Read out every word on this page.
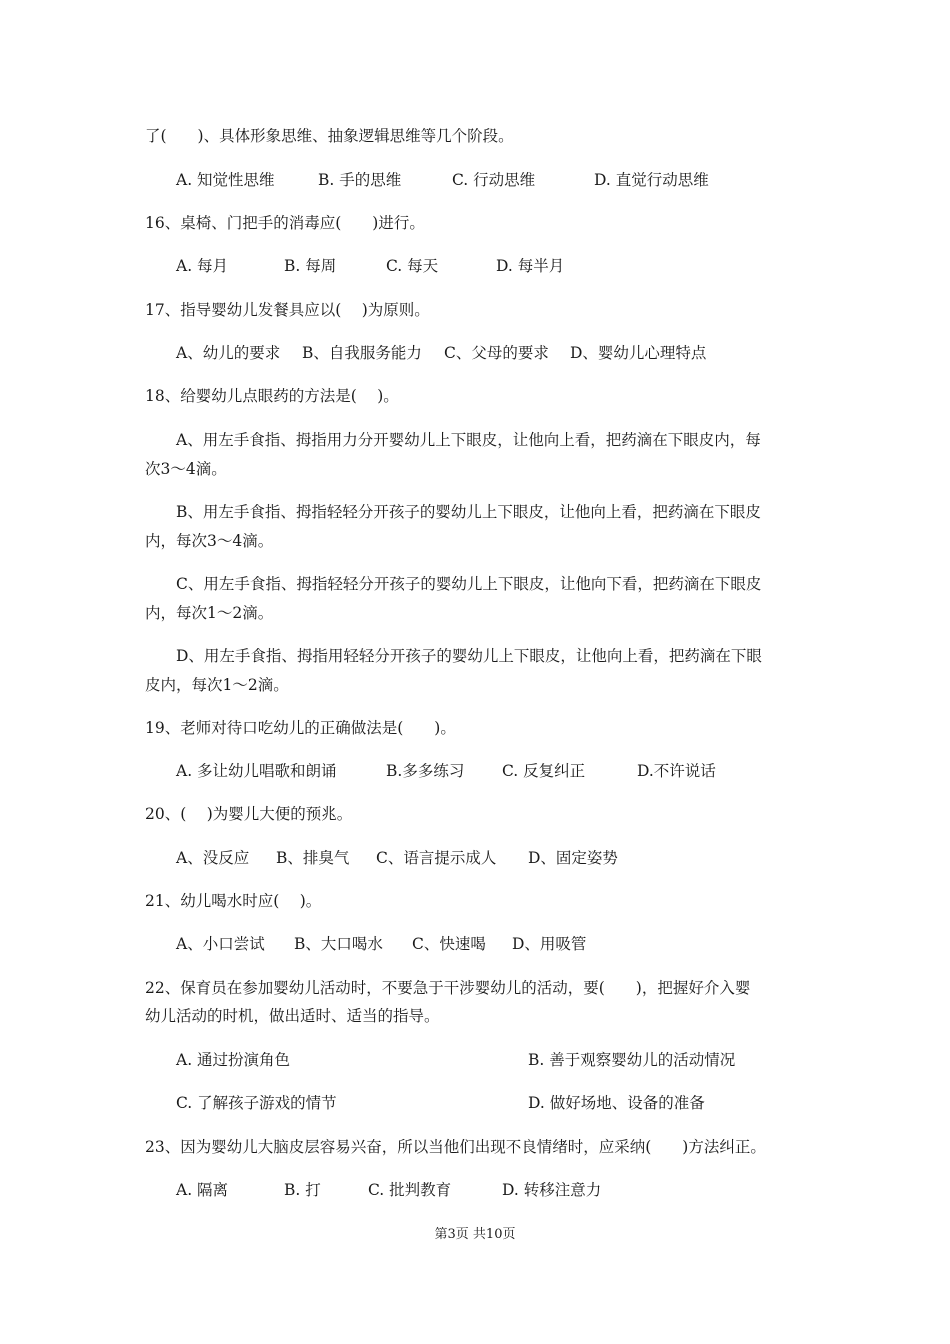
了(　　)、具体形象思维、抽象逻辑思维等几个阶段。
A. 知觉性思维	B. 手的思维	C. 行动思维	D. 直觉行动思维
16、桌椅、门把手的消毒应(　　)进行。
A. 每月	B. 每周	C. 每天	D. 每半月
17、指导婴幼儿发餐具应以(　 )为原则。
A、幼儿的要求 B、自我服务能力 C、父母的要求 D、婴幼儿心理特点
18、给婴幼儿点眼药的方法是(　 )。
A、用左手食指、拇指用力分开婴幼儿上下眼皮，让他向上看，把药滴在下眼皮内，每
次3～4滴。
B、用左手食指、拇指轻轻分开孩子的婴幼儿上下眼皮，让他向上看，把药滴在下眼皮
内，每次3～4滴。
C、用左手食指、拇指轻轻分开孩子的婴幼儿上下眼皮，让他向下看，把药滴在下眼皮
内，每次1～2滴。
D、用左手食指、拇指用轻轻分开孩子的婴幼儿上下眼皮，让他向上看，把药滴在下眼
皮内，每次1～2滴。
19、老师对待口吃幼儿的正确做法是(　　)。
A. 多让幼儿唱歌和朗诵	B.多多练习 C. 反复纠正	D.不许说话
20、(　 )为婴儿大便的预兆。
A、没反应 B、排臭气 C、语言提示成人 D、固定姿势
21、幼儿喝水时应(　 )。
A、小口尝试 B、大口喝水 C、快速喝 D、用吸管
22、保育员在参加婴幼儿活动时，不要急于干涉婴幼儿的活动，要(　　)，把握好介入婴
幼儿活动的时机，做出适时、适当的指导。
A. 通过扮演角色	B. 善于观察婴幼儿的活动情况
C. 了解孩子游戏的情节	D. 做好场地、设备的准备
23、因为婴幼儿大脑皮层容易兴奋，所以当他们出现不良情绪时，应采纳(　　)方法纠正。
A. 隔离	B. 打	C. 批判教育	D. 转移注意力
第3页 共10页
